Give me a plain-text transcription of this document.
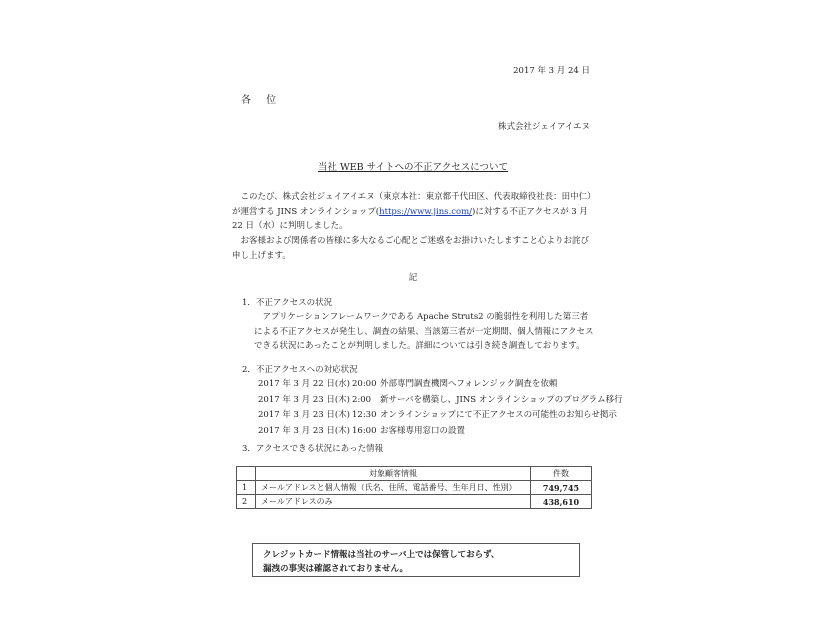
2017 年 3 月 24 日
各 位
株式会社ジェイアイエヌ
当社 WEB サイトへの不正アクセスについて
このたび、株式会社ジェイアイエヌ（東京本社：東京都千代田区、代表取締役社長：田中仁）が運営する JINS オンラインショップ(https://www.jins.com/)に対する不正アクセスが 3 月 22 日（水）に判明しました。
お客様および関係者の皆様に多大なるご心配とご迷惑をお掛けいたしますこと心よりお詫び申し上げます。
記
1．不正アクセスの状況
アプリケーションフレームワークである Apache Struts2 の脆弱性を利用した第三者による不正アクセスが発生し、調査の結果、当該第三者が一定期間、個人情報にアクセスできる状況にあったことが判明しました。詳細については引き続き調査しております。
2．不正アクセスへの対応状況
2017 年 3 月 22 日(水) 20:00 外部専門調査機関へフォレンジック調査を依頼
2017 年 3 月 23 日(木) 2:00	新サーバを構築し、JINS オンラインショップのプログラム移行
2017 年 3 月 23 日(木) 12:30 オンラインショップにて不正アクセスの可能性のお知らせ掲示
2017 年 3 月 23 日(木) 16:00 お客様専用窓口の設置
3．アクセスできる状況にあった情報
	対象顧客情報	件数
1	メールアドレスと個人情報（氏名、住所、電話番号、生年月日、性別）	749,745
2	メールアドレスのみ	438,610
クレジットカード情報は当社のサーバ上では保管しておらず、
漏洩の事実は確認されておりません。
